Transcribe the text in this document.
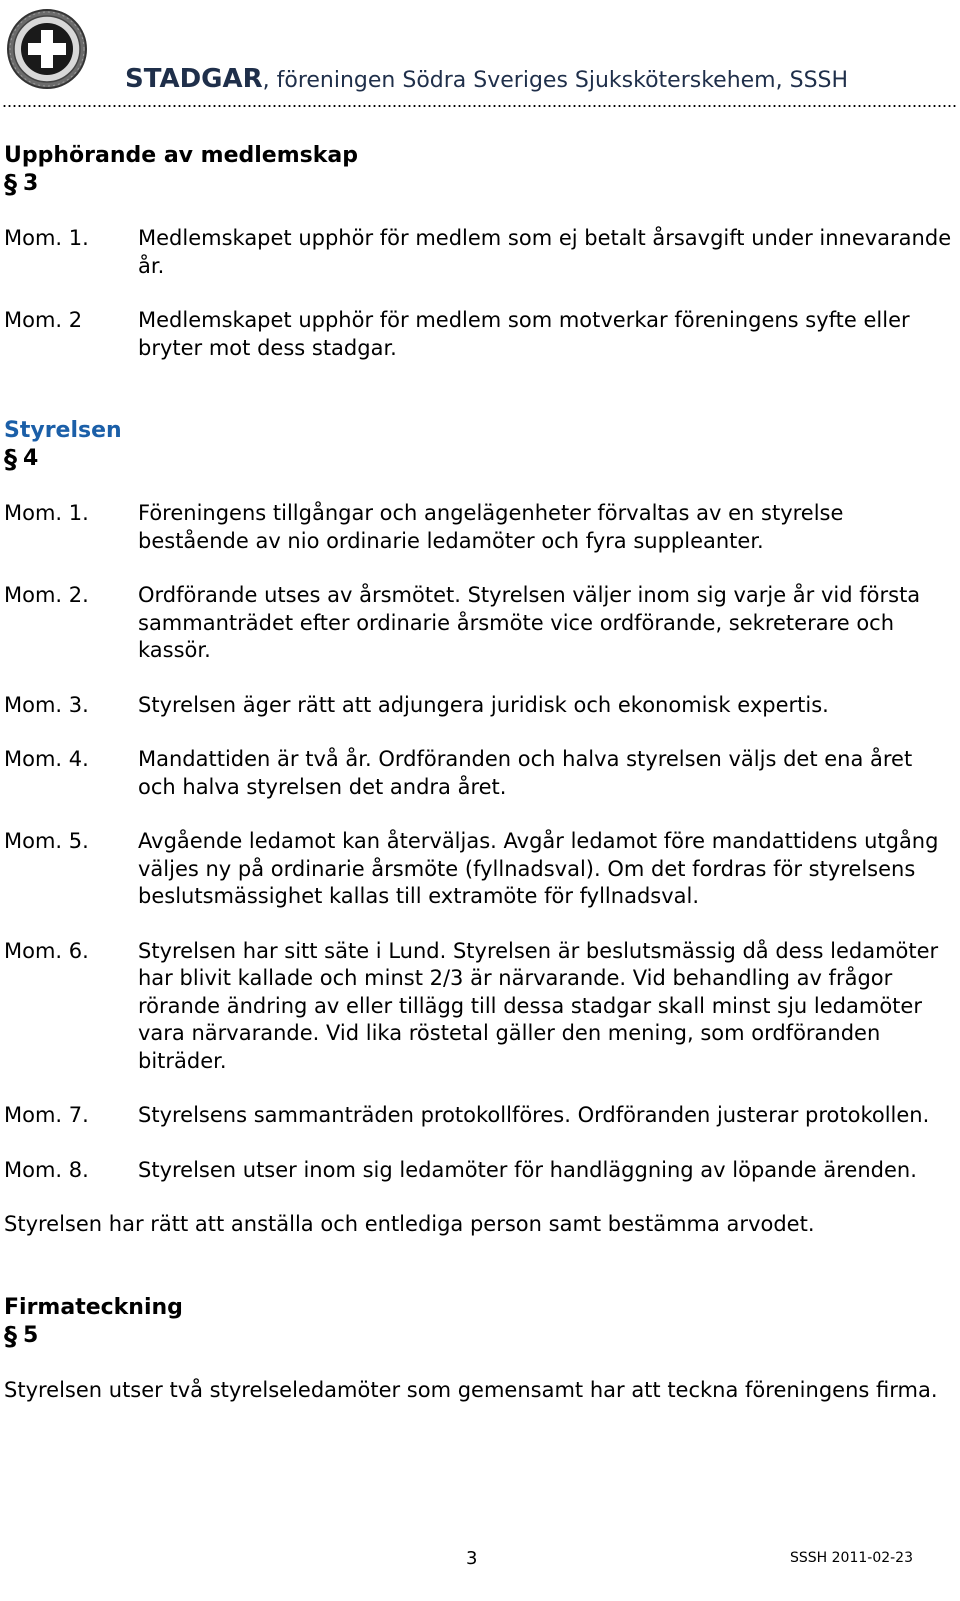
STADGAR, föreningen Södra Sveriges Sjuksköterskehem, SSSH

Upphörande av medlemskap

§ 3

Mom. 1.	Medlemskapet upphör för medlem som ej betalt årsavgift under innevarande år.
Mom. 2	Medlemskapet upphör för medlem som motverkar föreningens syfte eller bryter mot dess stadgar.

Styrelsen

§ 4

Mom. 1.	Föreningens tillgångar och angelägenheter förvaltas av en styrelse bestående av nio ordinarie ledamöter och fyra suppleanter.
Mom. 2.	Ordförande utses av årsmötet. Styrelsen väljer inom sig varje år vid första sammanträdet efter ordinarie årsmöte vice ordförande, sekreterare och kassör.
Mom. 3.	Styrelsen äger rätt att adjungera juridisk och ekonomisk expertis.
Mom. 4.	Mandattiden är två år. Ordföranden och halva styrelsen väljs det ena året och halva styrelsen det andra året.
Mom. 5.	Avgående ledamot kan återväljas. Avgår ledamot före mandattidens utgång väljes ny på ordinarie årsmöte (fyllnadsval). Om det fordras för styrelsens beslutsmässighet kallas till extramöte för fyllnadsval.
Mom. 6.	Styrelsen har sitt säte i Lund. Styrelsen är beslutsmässig då dess ledamöter har blivit kallade och minst 2/3 är närvarande. Vid behandling av frågor rörande ändring av eller tillägg till dessa stadgar skall minst sju ledamöter vara närvarande. Vid lika röstetal gäller den mening, som ordföranden biträder.
Mom. 7.	Styrelsens sammanträden protokollföres. Ordföranden justerar protokollen.
Mom. 8.	Styrelsen utser inom sig ledamöter för handläggning av löpande ärenden.
Styrelsen har rätt att anställa och entlediga person samt bestämma arvodet.

Firmateckning

§ 5

Styrelsen utser två styrelseledamöter som gemensamt har att teckna föreningens firma.
3	SSSH 2011-02-23
